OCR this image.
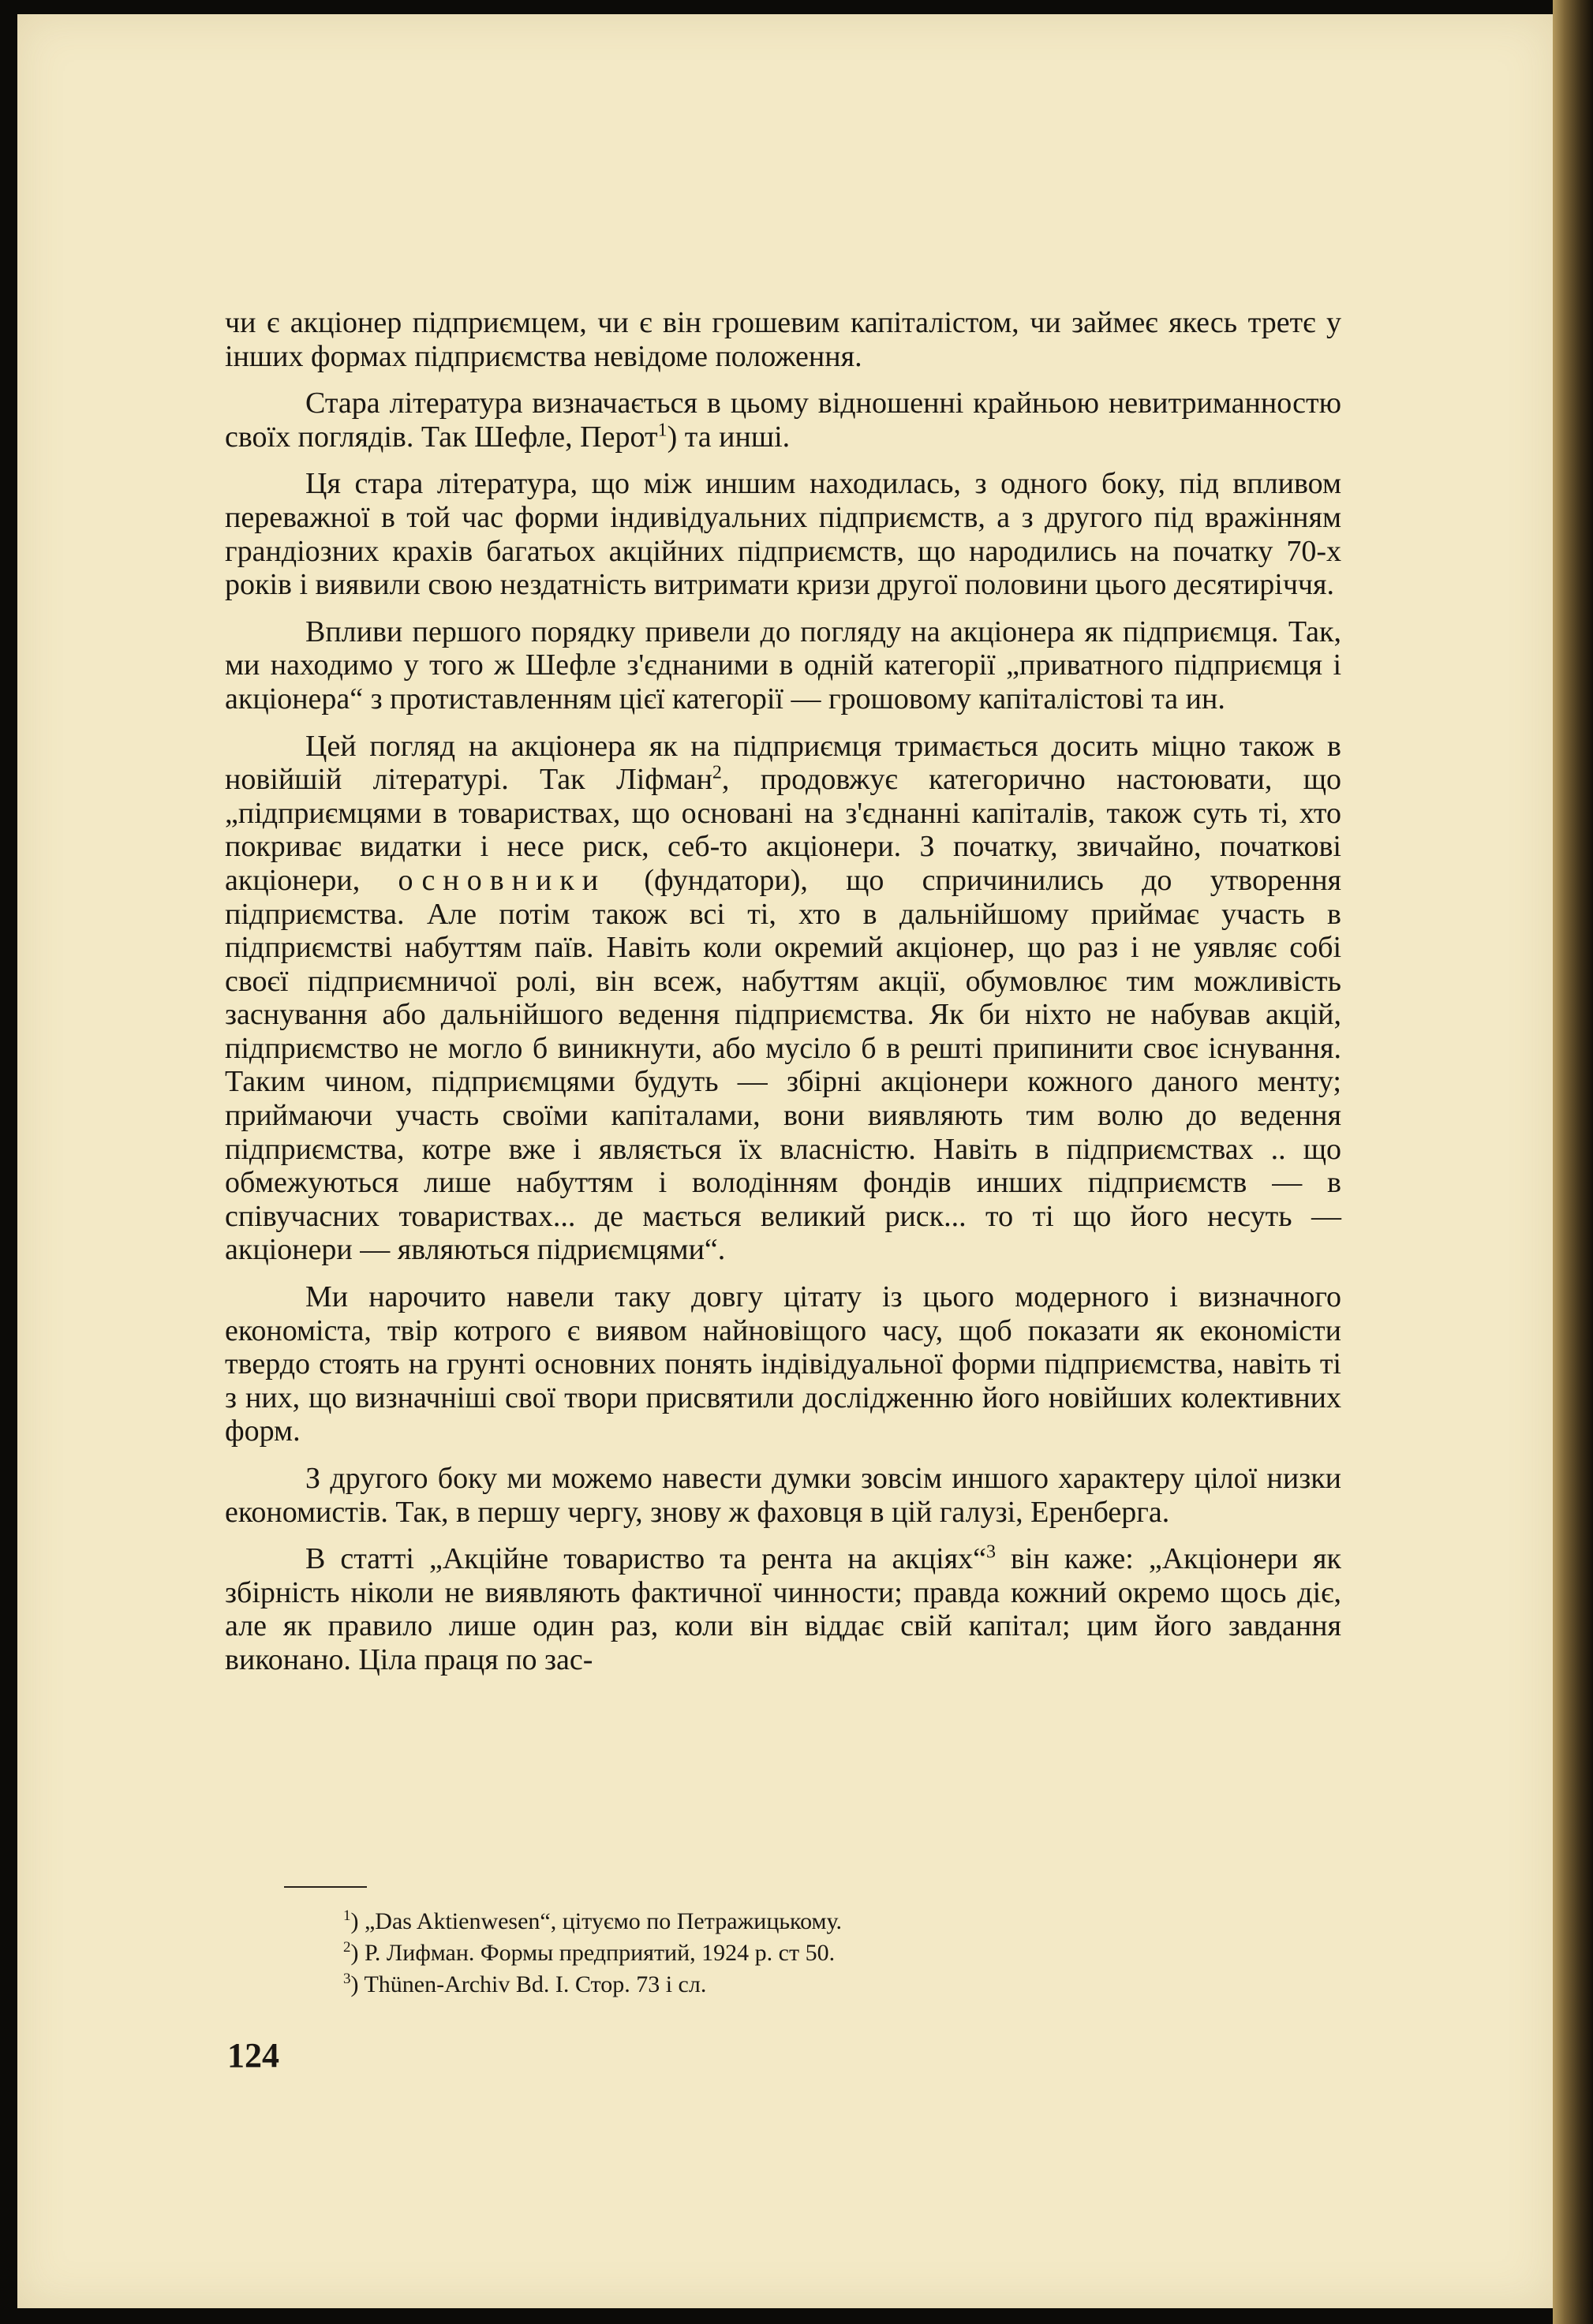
чи є акціонер підприємцем, чи є він грошевим капіталістом, чи займеє якесь третє у інших формах підприємства невідоме положення.

Стара література визначається в цьому відношенні крайньою невитриманностю своїх поглядів. Так Шефле, Перот$^1$) та инші.

Ця стара література, що між иншим находилась, з одного боку, під впливом переважної в той час форми індивідуальних підприємств, а з другого під вражінням грандіозних крахів багатьох акційних підприємств, що народились на початку 70-х років і виявили свою нездатність витримати кризи другої половини цього десятиріччя.

Впливи першого порядку привели до погляду на акціонера як підприємця. Так, ми находимо у того ж Шефле з'єднаними в одній категорії „приватного підприємця і акціонера“ з протиставленням цієї категорії — грошовому капіталістові та ин.

Цей погляд на акціонера як на підприємця тримається досить міцно також в новійшій літературі. Так Ліфман$^2$, продовжує категорично настоювати, що „підприємцями в товариствах, що основані на з'єднанні капіталів, також суть ті, хто покриває видатки і несе риск, себ-то акціонери. З початку, звичайно, початкові акціонери, основники (фундатори), що спричинились до утворення підприємства. Але потім також всі ті, хто в дальнійшому приймає участь в підприємстві набуттям паїв. Навіть коли окремий акціонер, що раз і не уявляє собі своєї підприємничої ролі, він всеж, набуттям акції, обумовлює тим можливість заснування або дальнійшого ведення підприємства. Як би ніхто не набував акцій, підприємство не могло б виникнути, або мусіло б в решті припинити своє існування. Таким чином, підприємцями будуть — збірні акціонери кожного даного менту; приймаючи участь своїми капіталами, вони виявляють тим волю до ведення підприємства, котре вже і являється їх власністю. Навіть в підприємствах .. що обмежуються лише набуттям і володінням фондів инших підприємств — в співучасних товариствах... де мається великий риск... то ті що його несуть — акціонери — являються підриємцями“.

Ми нарочито навели таку довгу цітату із цього модерного і визначного економіста, твір котрого є виявом найновіщого часу, щоб показати як економісти твердо стоять на грунті основних понять індівідуальної форми підприємства, навіть ті з них, що визначніші свої твори присвятили дослідженню його новійших колективних форм.

З другого боку ми можемо навести думки зовсім иншого характеру цілої низки економистів. Так, в першу чергу, знову ж фаховця в цій галузі, Еренберга.

В статті „Акційне товариство та рента на акціях“$^3$ він каже: „Акціонери як збірність ніколи не виявляють фактичної чинности; правда кожний окремо щось діє, але як правило лише один раз, коли він віддає свій капітал; цим його завдання виконано. Ціла праця по зас-

$^1$) „Das Aktienwesen“, цітуємо по Петражицькому.
$^2$) Р. Лифман. Формы предприятий, 1924 р. ст 50.
$^3$) Thünen-Archiv Bd. I. Стор. 73 і сл.
124
